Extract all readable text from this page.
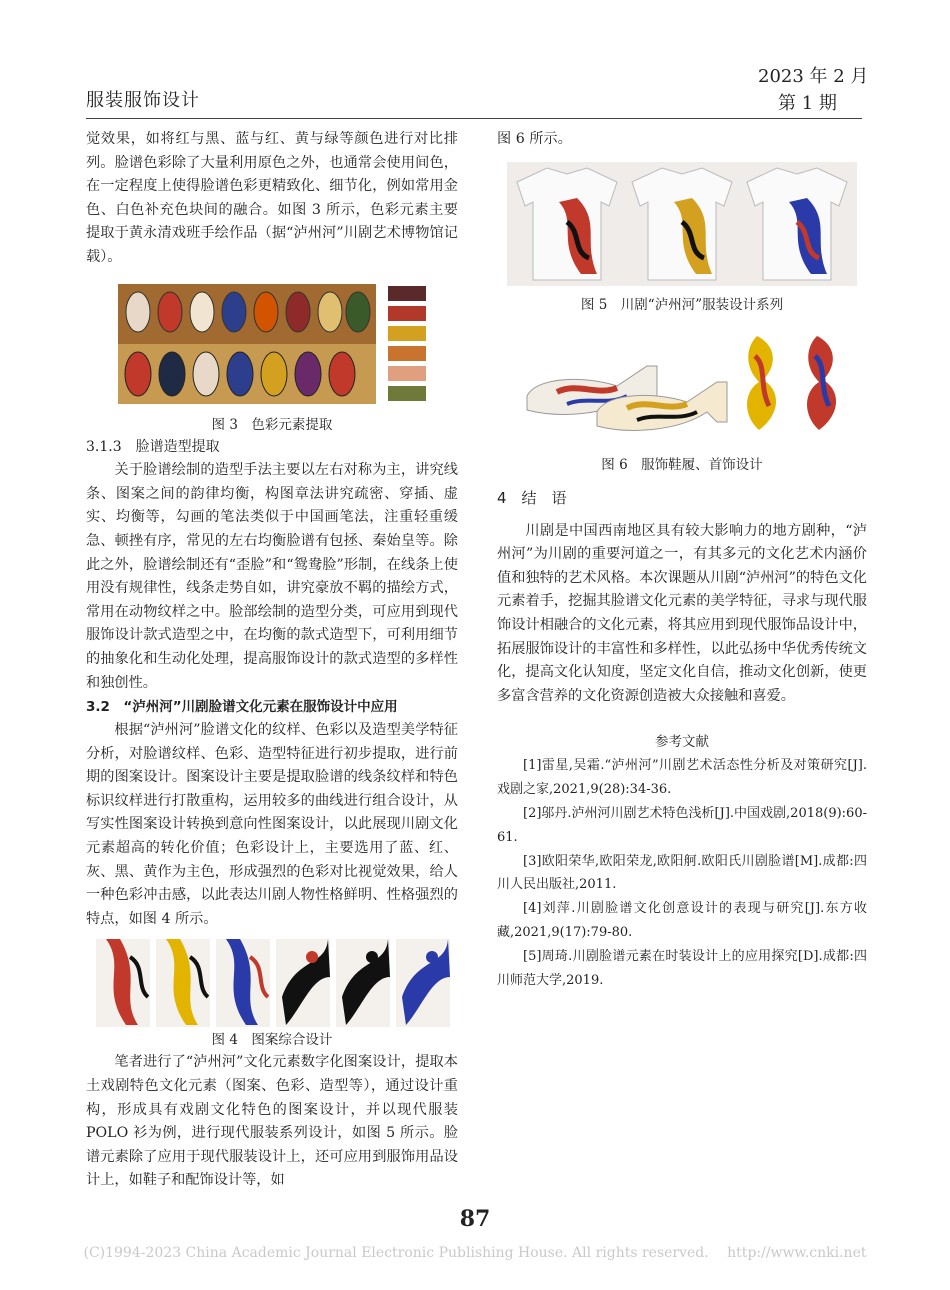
服装服饰设计
2023 年 2 月
第 1 期

觉效果，如将红与黑、蓝与红、黄与绿等颜色进行对比排列。脸谱色彩除了大量利用原色之外，也通常会使用间色，在一定程度上使得脸谱色彩更精致化、细节化，例如常用金色、白色补充色块间的融合。如图 3 所示，色彩元素主要提取于黄永清戏班手绘作品（据“泸州河”川剧艺术博物馆记载）。

图 3　色彩元素提取

3.1.3　脸谱造型提取

关于脸谱绘制的造型手法主要以左右对称为主，讲究线条、图案之间的韵律均衡，构图章法讲究疏密、穿插、虚实、均衡等，勾画的笔法类似于中国画笔法，注重轻重缓急、顿挫有序，常见的左右均衡脸谱有包拯、秦始皇等。除此之外，脸谱绘制还有“歪脸”和“鸳鸯脸”形制，在线条上使用没有规律性，线条走势自如，讲究豪放不羁的描绘方式，常用在动物纹样之中。脸部绘制的造型分类，可应用到现代服饰设计款式造型之中，在均衡的款式造型下，可利用细节的抽象化和生动化处理，提高服饰设计的款式造型的多样性和独创性。

3.2　“泸州河”川剧脸谱文化元素在服饰设计中应用

根据“泸州河”脸谱文化的纹样、色彩以及造型美学特征分析，对脸谱纹样、色彩、造型特征进行初步提取，进行前期的图案设计。图案设计主要是提取脸谱的线条纹样和特色标识纹样进行打散重构，运用较多的曲线进行组合设计，从写实性图案设计转换到意向性图案设计，以此展现川剧文化元素超高的转化价值；色彩设计上，主要选用了蓝、红、灰、黑、黄作为主色，形成强烈的色彩对比视觉效果，给人一种色彩冲击感，以此表达川剧人物性格鲜明、性格强烈的特点，如图 4 所示。

图 4　图案综合设计

笔者进行了“泸州河”文化元素数字化图案设计，提取本土戏剧特色文化元素（图案、色彩、造型等），通过设计重构，形成具有戏剧文化特色的图案设计，并以现代服装 POLO 衫为例，进行现代服装系列设计，如图 5 所示。脸谱元素除了应用于现代服装设计上，还可应用到服饰用品设计上，如鞋子和配饰设计等，如

图 6 所示。

图 5　川剧“泸州河”服装设计系列

图 6　服饰鞋履、首饰设计

4　结　语

川剧是中国西南地区具有较大影响力的地方剧种，“泸州河”为川剧的重要河道之一，有其多元的文化艺术内涵价值和独特的艺术风格。本次课题从川剧“泸州河”的特色文化元素着手，挖掘其脸谱文化元素的美学特征，寻求与现代服饰设计相融合的文化元素，将其应用到现代服饰品设计中，拓展服饰设计的丰富性和多样性，以此弘扬中华优秀传统文化，提高文化认知度，坚定文化自信，推动文化创新，使更多富含营养的文化资源创造被大众接触和喜爱。

参考文献

[1]雷星,吴霜.“泸州河”川剧艺术活态性分析及对策研究[J].戏剧之家,2021,9(28):34-36.

[2]邬丹.泸州河川剧艺术特色浅析[J].中国戏剧,2018(9):60-61.

[3]欧阳荣华,欧阳荣龙,欧阳舸.欧阳氏川剧脸谱[M].成都:四川人民出版社,2011.

[4]刘萍.川剧脸谱文化创意设计的表现与研究[J].东方收藏,2021,9(17):79-80.

[5]周琦.川剧脸谱元素在时装设计上的应用探究[D].成都:四川师范大学,2019.

87
(C)1994-2023 China Academic Journal Electronic Publishing House. All rights reserved.　 http://www.cnki.net
